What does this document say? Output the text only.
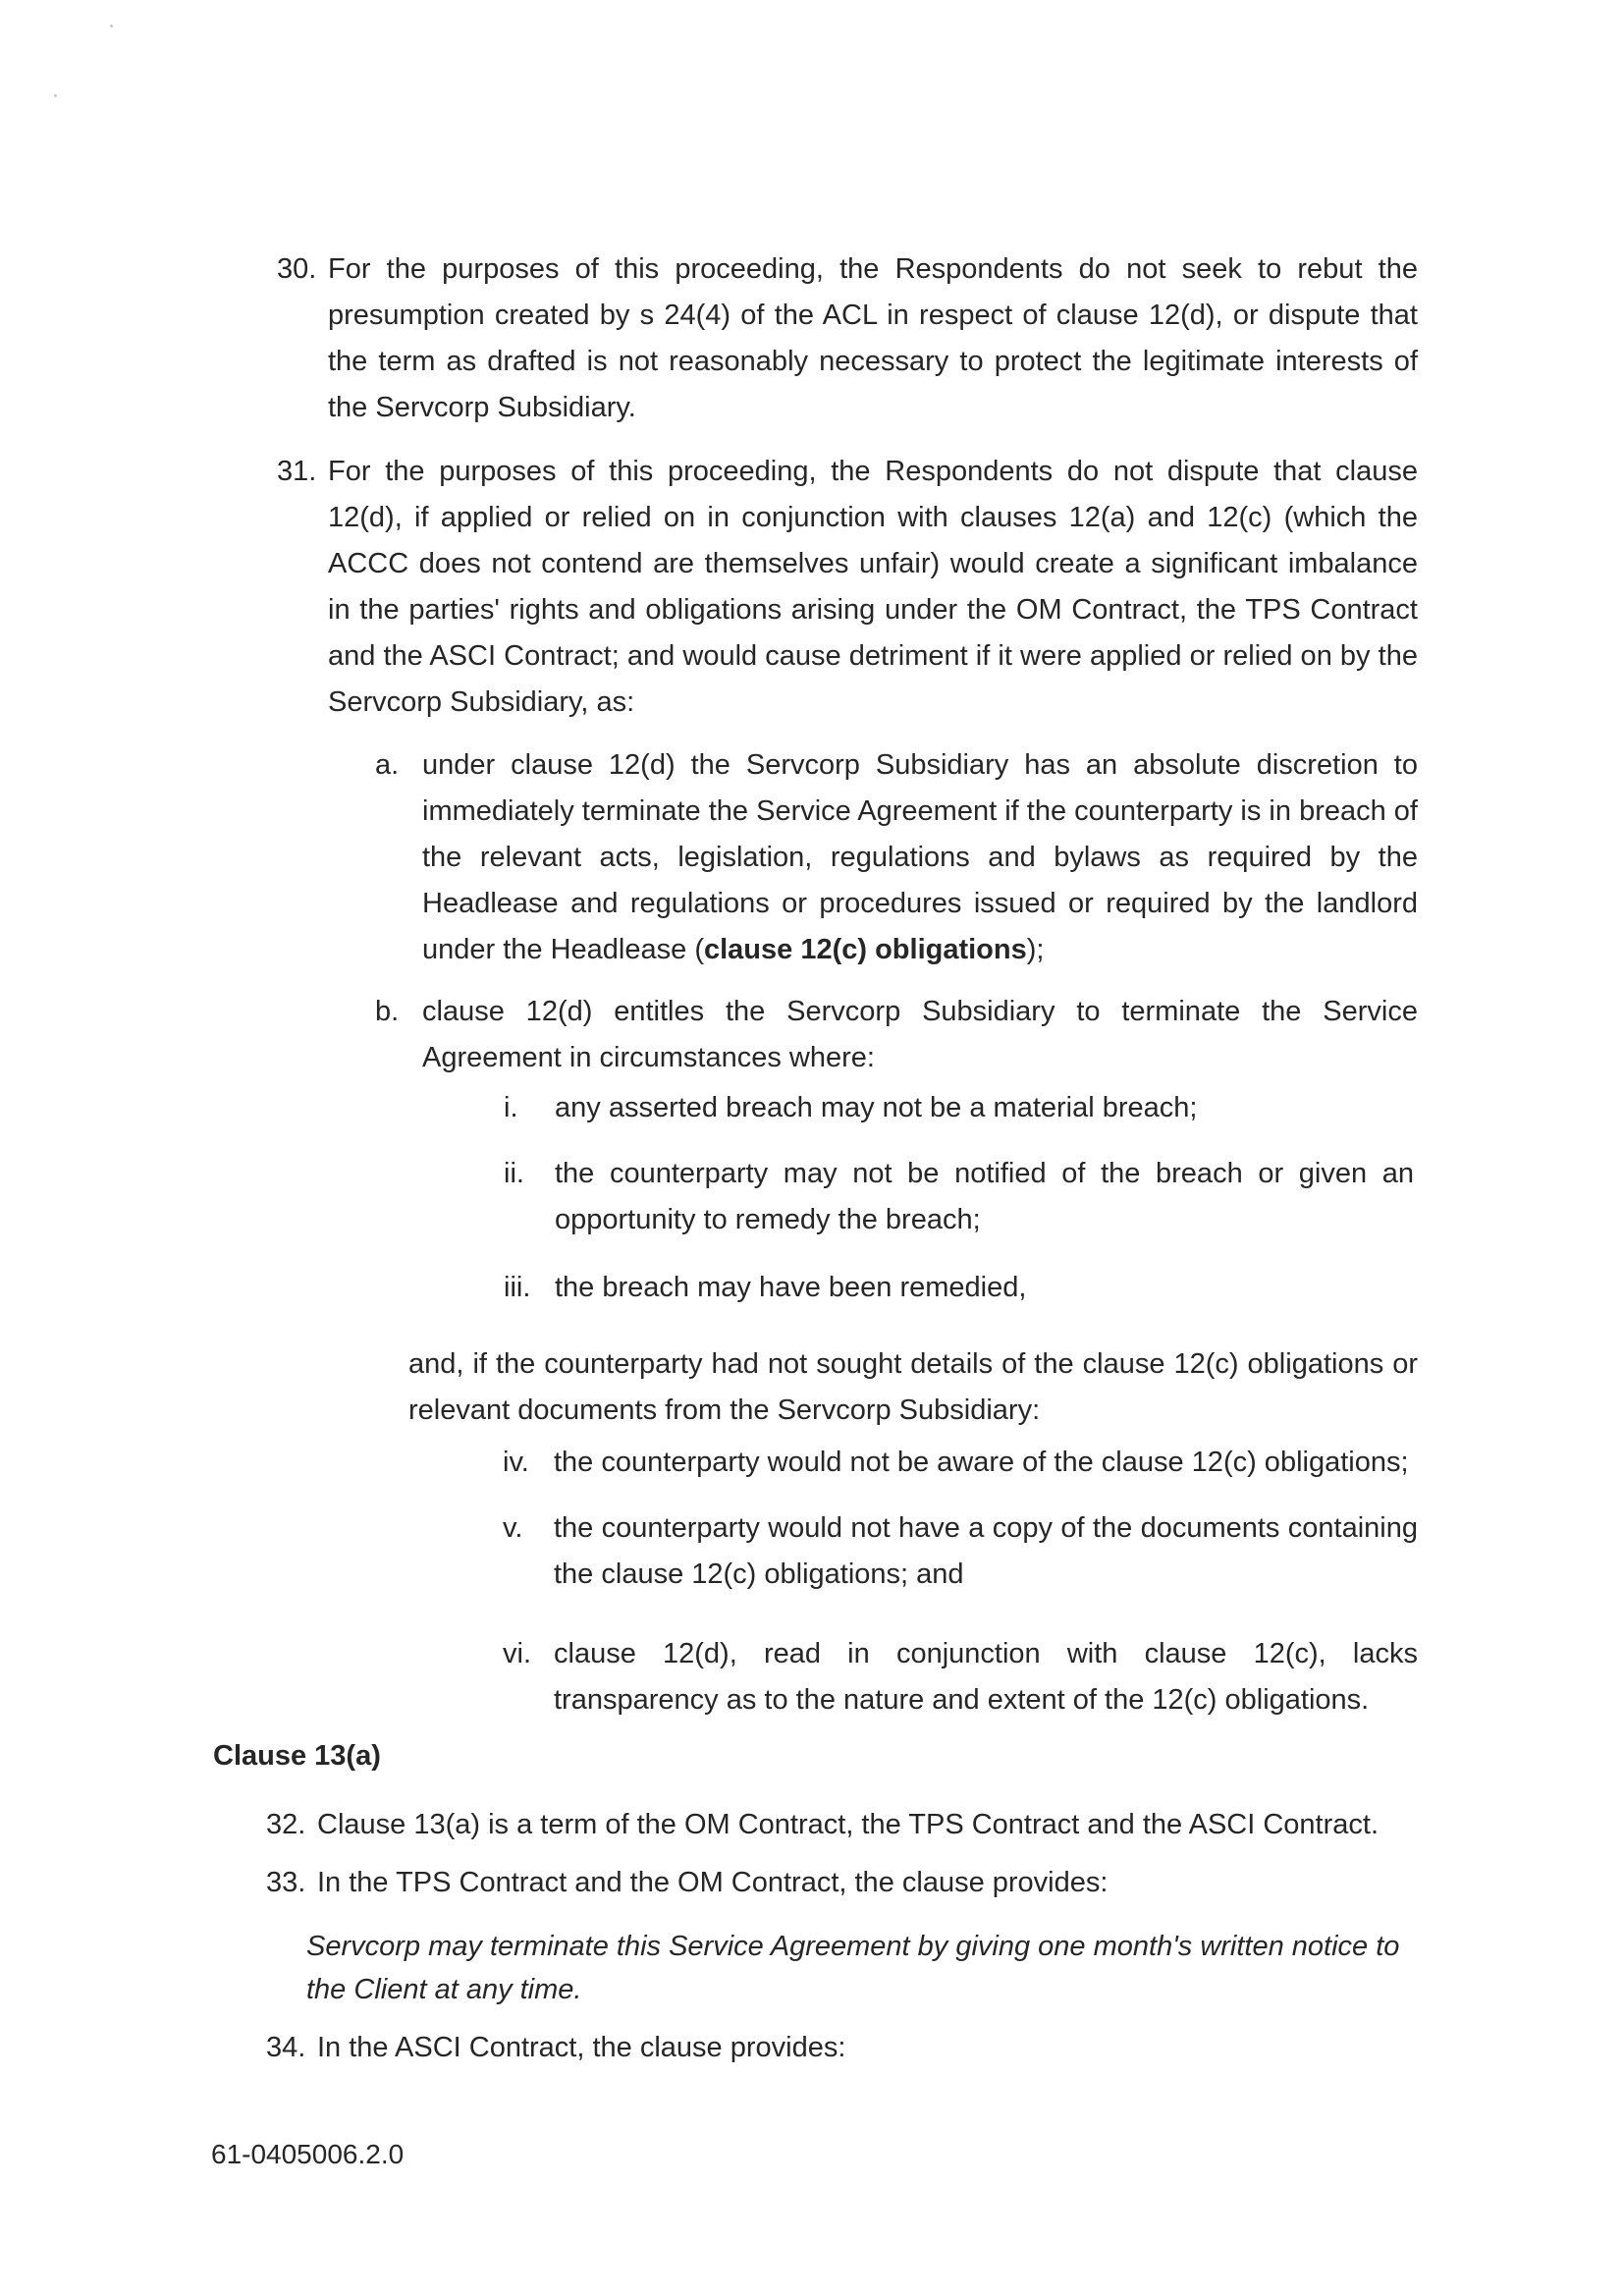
30. For the purposes of this proceeding, the Respondents do not seek to rebut the presumption created by s 24(4) of the ACL in respect of clause 12(d), or dispute that the term as drafted is not reasonably necessary to protect the legitimate interests of the Servcorp Subsidiary.

31. For the purposes of this proceeding, the Respondents do not dispute that clause 12(d), if applied or relied on in conjunction with clauses 12(a) and 12(c) (which the ACCC does not contend are themselves unfair) would create a significant imbalance in the parties' rights and obligations arising under the OM Contract, the TPS Contract and the ASCI Contract; and would cause detriment if it were applied or relied on by the Servcorp Subsidiary, as:

a. under clause 12(d) the Servcorp Subsidiary has an absolute discretion to immediately terminate the Service Agreement if the counterparty is in breach of the relevant acts, legislation, regulations and bylaws as required by the Headlease and regulations or procedures issued or required by the landlord under the Headlease (clause 12(c) obligations);

b. clause 12(d) entitles the Servcorp Subsidiary to terminate the Service Agreement in circumstances where:

i. any asserted breach may not be a material breach;

ii. the counterparty may not be notified of the breach or given an opportunity to remedy the breach;

iii. the breach may have been remedied,

and, if the counterparty had not sought details of the clause 12(c) obligations or relevant documents from the Servcorp Subsidiary:

iv. the counterparty would not be aware of the clause 12(c) obligations;

v. the counterparty would not have a copy of the documents containing the clause 12(c) obligations; and

vi. clause 12(d), read in conjunction with clause 12(c), lacks transparency as to the nature and extent of the 12(c) obligations.

Clause 13(a)

32. Clause 13(a) is a term of the OM Contract, the TPS Contract and the ASCI Contract.

33. In the TPS Contract and the OM Contract, the clause provides:

Servcorp may terminate this Service Agreement by giving one month's written notice to the Client at any time.

34. In the ASCI Contract, the clause provides:

61-0405006.2.0
